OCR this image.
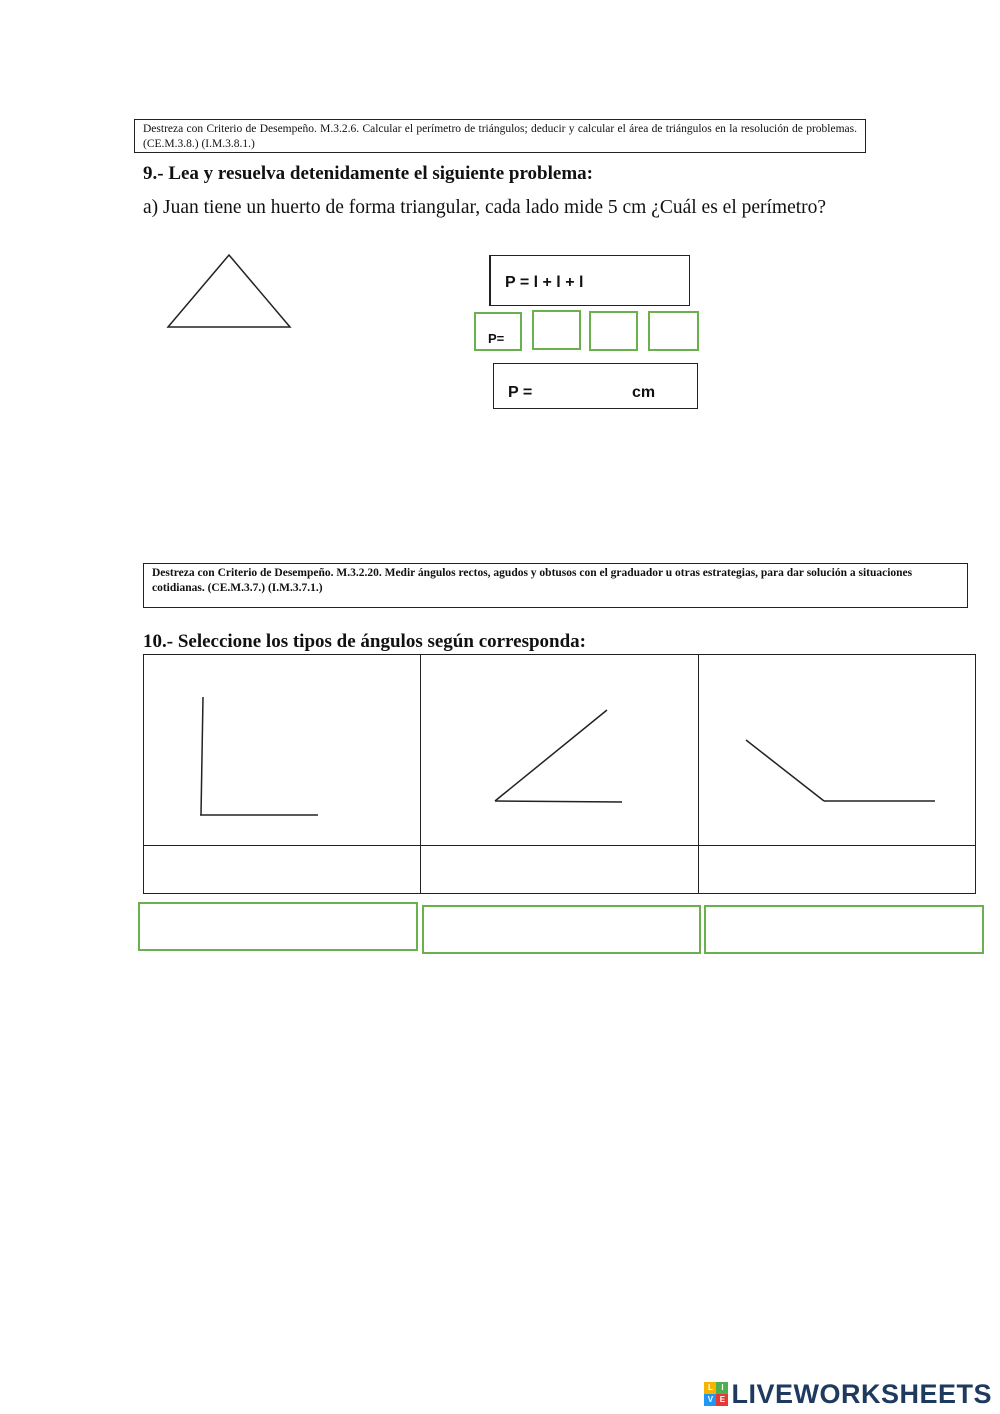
Destreza con Criterio de Desempeño. M.3.2.6. Calcular el perímetro de triángulos; deducir y calcular el área de triángulos en la resolución de problemas. (CE.M.3.8.) (I.M.3.8.1.)
9.- Lea y resuelva detenidamente el siguiente problema:
a) Juan tiene un huerto de forma triangular, cada lado mide 5 cm ¿Cuál es el perímetro?
P = l + l + l
P=
P =	cm
Destreza con Criterio de Desempeño. M.3.2.20. Medir ángulos rectos, agudos y obtusos con el graduador u otras estrategias, para dar solución a situaciones cotidianas. (CE.M.3.7.) (I.M.3.7.1.)
10.- Seleccione los tipos de ángulos según corresponda:
L	I
V E LIVEWORKSHEETS
